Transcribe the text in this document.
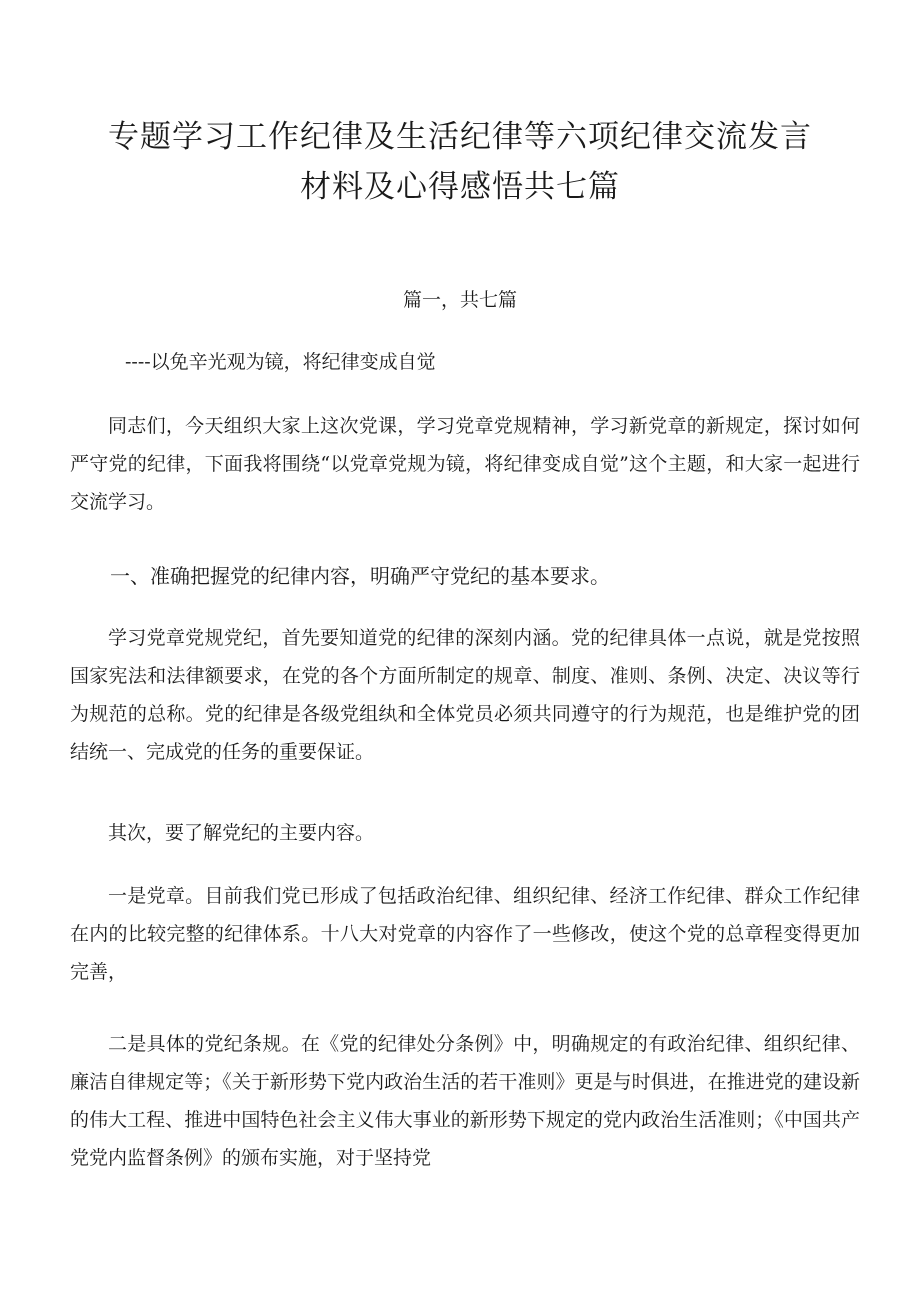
专题学习工作纪律及生活纪律等六项纪律交流发言
材料及心得感悟共七篇
篇一，共七篇
----以免辛光观为镜，将纪律变成自觉

同志们，今天组织大家上这次党课，学习党章党规精神，学习新党章的新规定，探讨如何严守党的纪律，下面我将围绕“以党章党规为镜，将纪律变成自觉”这个主题，和大家一起进行交流学习。

一、准确把握党的纪律内容，明确严守党纪的基本要求。

学习党章党规党纪，首先要知道党的纪律的深刻内涵。党的纪律具体一点说，就是党按照国家宪法和法律额要求，在党的各个方面所制定的规章、制度、准则、条例、决定、决议等行为规范的总称。党的纪律是各级党组纨和全体党员必须共同遵守的行为规范，也是维护党的团结统一、完成党的任务的重要保证。

其次，要了解党纪的主要内容。

一是党章。目前我们党已形成了包括政治纪律、组织纪律、经济工作纪律、群众工作纪律在内的比较完整的纪律体系。十八大对党章的内容作了一些修改，使这个党的总章程变得更加完善，

二是具体的党纪条规。在《党的纪律处分条例》中，明确规定的有政治纪律、组织纪律、廉洁自律规定等；《关于新形势下党内政治生活的若干准则》更是与时俱进，在推进党的建设新的伟大工程、推进中国特色社会主义伟大事业的新形势下规定的党内政治生活准则；《中国共产党党内监督条例》的颁布实施，对于坚持党
